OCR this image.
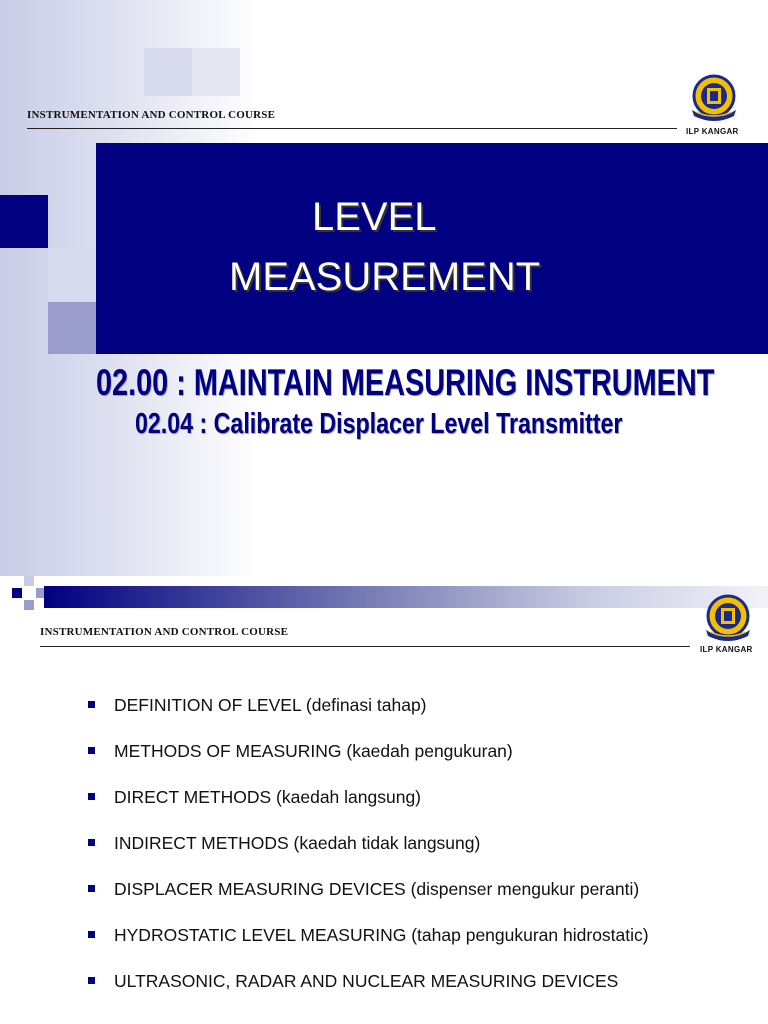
INSTRUMENTATION AND CONTROL COURSE
ILP KANGAR
LEVEL
MEASUREMENT
02.00 : MAINTAIN MEASURING INSTRUMENT
02.04 : Calibrate Displacer Level Transmitter
INSTRUMENTATION AND CONTROL COURSE
ILP KANGAR
DEFINITION OF LEVEL (definasi tahap)
METHODS OF MEASURING (kaedah pengukuran)
DIRECT METHODS (kaedah langsung)
INDIRECT METHODS (kaedah tidak langsung)
DISPLACER MEASURING DEVICES (dispenser mengukur peranti)
HYDROSTATIC LEVEL MEASURING (tahap pengukuran hidrostatic)
ULTRASONIC, RADAR AND NUCLEAR MEASURING DEVICES
